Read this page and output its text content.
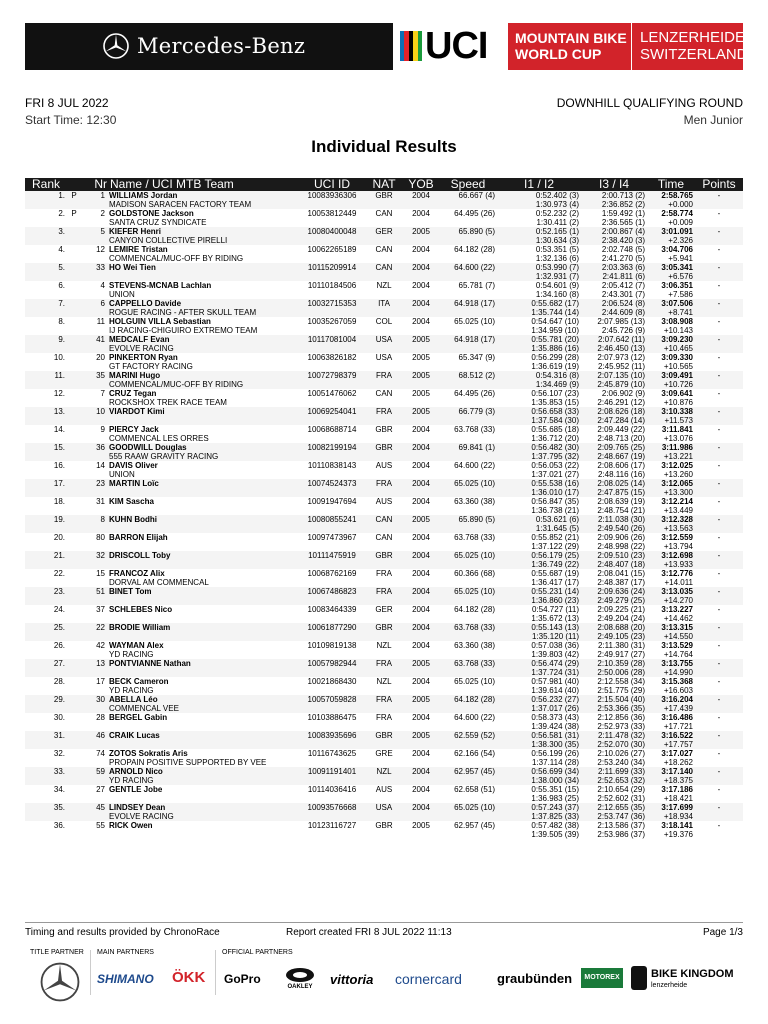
Mercedes-Benz	UCI MOUNTAIN BIKE
WORLD CUP
LENZERHEIDE
SWITZERLAND
FRI 8 JUL 2022
Start Time: 12:30
DOWNHILL QUALIFYING ROUND
Men Junior
Individual Results
Rank		Nr	Name / UCI MTB Team	UCI ID	NAT	YOB	Speed	I1 / I2	I3 / I4	Time	Points
1.	P	1	WILLIAMS Jordan	10083936306	GBR	2004	66.667 (4)	0:52.402 (3)	2:00.713 (2)	2:58.765	-
			MADISON SARACEN FACTORY TEAM					1:30.973 (4)	2:36.852 (2)	+0.000	
2.	P	2	GOLDSTONE Jackson	10053812449	CAN	2004	64.495 (26)	0:52.232 (2)	1:59.492 (1)	2:58.774	-
			SANTA CRUZ SYNDICATE					1:30.411 (2)	2:36.565 (1)	+0.009	
3.		5	KIEFER Henri	10080400048	GER	2005	65.890 (5)	0:52.165 (1)	2:00.867 (4)	3:01.091	-
			CANYON COLLECTIVE PIRELLI					1:30.634 (3)	2:38.420 (3)	+2.326	
4.		12	LEMIRE Tristan	10062265189	CAN	2004	64.182 (28)	0:53.351 (5)	2:02.748 (5)	3:04.706	-
			COMMENCAL/MUC-OFF BY RIDING					1:32.136 (6)	2:41.270 (5)	+5.941	
5.		33	HO Wei Tien	10115209914	CAN	2004	64.600 (22)	0:53.990 (7)	2:03.363 (6)	3:05.341	-
								1:32.931 (7)	2:41.811 (6)	+6.576	
6.		4	STEVENS-MCNAB Lachlan	10110184506	NZL	2004	65.781 (7)	0:54.601 (9)	2:05.412 (7)	3:06.351	-
			UNION					1:34.160 (8)	2:43.301 (7)	+7.586	
7.		6	CAPPELLO Davide	10032715353	ITA	2004	64.918 (17)	0:55.682 (17)	2:06.524 (8)	3:07.506	-
			ROGUE RACING - AFTER SKULL TEAM					1:35.744 (14)	2:44.609 (8)	+8.741	
8.		11	HOLGUIN VILLA Sebastian	10035267059	COL	2004	65.025 (10)	0:54.647 (10)	2:07.985 (13)	3:08.908	-
			IJ RACING-CHIGUIRO EXTREMO TEAM					1:34.959 (10)	2:45.726 (9)	+10.143	
9.		41	MEDCALF Evan	10117081004	USA	2005	64.918 (17)	0:55.781 (20)	2:07.642 (11)	3:09.230	-
			EVOLVE RACING					1:35.886 (16)	2:46.450 (13)	+10.465	
10.		20	PINKERTON Ryan	10063826182	USA	2005	65.347 (9)	0:56.299 (28)	2:07.973 (12)	3:09.330	-
			GT FACTORY RACING					1:36.619 (19)	2:45.952 (11)	+10.565	
11.		35	MARINI Hugo	10072798379	FRA	2005	68.512 (2)	0:54.316 (8)	2:07.135 (10)	3:09.491	-
			COMMENCAL/MUC-OFF BY RIDING					1:34.469 (9)	2:45.879 (10)	+10.726	
12.		7	CRUZ Tegan	10051476062	CAN	2005	64.495 (26)	0:56.107 (23)	2:06.902 (9)	3:09.641	-
			ROCKSHOX TREK RACE TEAM					1:35.853 (15)	2:46.291 (12)	+10.876	
13.		10	VIARDOT Kimi	10069254041	FRA	2005	66.779 (3)	0:56.658 (33)	2:08.626 (18)	3:10.338	-
								1:37.584 (30)	2:47.284 (14)	+11.573	
14.		9	PIERCY Jack	10068688714	GBR	2004	63.768 (33)	0:55.685 (18)	2:09.449 (22)	3:11.841	-
			COMMENCAL LES ORRES					1:36.712 (20)	2:48.713 (20)	+13.076	
15.		36	GOODWILL Douglas	10082199194	GBR	2004	69.841 (1)	0:56.482 (30)	2:09.765 (25)	3:11.986	-
			555 RAAW GRAVITY RACING					1:37.795 (32)	2:48.667 (19)	+13.221	
16.		14	DAVIS Oliver	10110838143	AUS	2004	64.600 (22)	0:56.053 (22)	2:08.606 (17)	3:12.025	-
			UNION					1:37.021 (27)	2:48.116 (16)	+13.260	
17.		23	MARTIN Loïc	10074524373	FRA	2004	65.025 (10)	0:55.538 (16)	2:08.025 (14)	3:12.065	-
								1:36.010 (17)	2:47.875 (15)	+13.300	
18.		31	KIM Sascha	10091947694	AUS	2004	63.360 (38)	0:56.847 (35)	2:08.639 (19)	3:12.214	-
								1:36.738 (21)	2:48.754 (21)	+13.449	
19.		8	KUHN Bodhi	10080855241	CAN	2005	65.890 (5)	0:53.621 (6)	2:11.038 (30)	3:12.328	-
								1:31.645 (5)	2:49.540 (26)	+13.563	
20.		80	BARRON Elijah	10097473967	CAN	2004	63.768 (33)	0:55.852 (21)	2:09.906 (26)	3:12.559	-
								1:37.122 (29)	2:48.998 (22)	+13.794	
21.		32	DRISCOLL Toby	10111475919	GBR	2004	65.025 (10)	0:56.179 (25)	2:09.510 (23)	3:12.698	-
								1:36.749 (22)	2:48.407 (18)	+13.933	
22.		15	FRANCOZ Alix	10068762169	FRA	2004	60.366 (68)	0:55.687 (19)	2:08.041 (15)	3:12.776	-
			DORVAL AM COMMENCAL					1:36.417 (17)	2:48.387 (17)	+14.011	
23.		51	BINET Tom	10067486823	FRA	2004	65.025 (10)	0:55.231 (14)	2:09.636 (24)	3:13.035	-
								1:36.860 (23)	2:49.279 (25)	+14.270	
24.		37	SCHLEBES Nico	10083464339	GER	2004	64.182 (28)	0:54.727 (11)	2:09.225 (21)	3:13.227	-
								1:35.672 (13)	2:49.204 (24)	+14.462	
25.		22	BRODIE William	10061877290	GBR	2004	63.768 (33)	0:55.143 (13)	2:08.688 (20)	3:13.315	-
								1:35.120 (11)	2:49.105 (23)	+14.550	
26.		42	WAYMAN Alex	10109819138	NZL	2004	63.360 (38)	0:57.038 (36)	2:11.380 (31)	3:13.529	-
			YD RACING					1:39.803 (42)	2:49.917 (27)	+14.764	
27.		13	PONTVIANNE Nathan	10057982944	FRA	2005	63.768 (33)	0:56.474 (29)	2:10.359 (28)	3:13.755	-
								1:37.724 (31)	2:50.006 (28)	+14.990	
28.		17	BECK Cameron	10021868430	NZL	2004	65.025 (10)	0:57.981 (40)	2:12.558 (34)	3:15.368	-
			YD RACING					1:39.614 (40)	2:51.775 (29)	+16.603	
29.		30	ABELLA Léo	10057059828	FRA	2005	64.182 (28)	0:56.232 (27)	2:15.504 (40)	3:16.204	-
			COMMENCAL VEE					1:37.017 (26)	2:53.366 (35)	+17.439	
30.		28	BERGEL Gabin	10103886475	FRA	2004	64.600 (22)	0:58.373 (43)	2:12.856 (36)	3:16.486	-
								1:39.424 (38)	2:52.973 (33)	+17.721	
31.		46	CRAIK Lucas	10083935696	GBR	2005	62.559 (52)	0:56.581 (31)	2:11.478 (32)	3:16.522	-
								1:38.300 (35)	2:52.070 (30)	+17.757	
32.		74	ZOTOS Sokratis Aris	10116743625	GRE	2004	62.166 (54)	0:56.199 (26)	2:10.026 (27)	3:17.027	-
			PROPAIN POSITIVE SUPPORTED BY VEE					1:37.114 (28)	2:53.240 (34)	+18.262	
33.		59	ARNOLD Nico	10091191401	NZL	2004	62.957 (45)	0:56.699 (34)	2:11.699 (33)	3:17.140	-
			YD RACING					1:38.000 (34)	2:52.653 (32)	+18.375	
34.		27	GENTLE Jobe	10114036416	AUS	2004	62.658 (51)	0:55.351 (15)	2:10.654 (29)	3:17.186	-
								1:36.983 (25)	2:52.602 (31)	+18.421	
35.		45	LINDSEY Dean	10093576668	USA	2004	65.025 (10)	0:57.243 (37)	2:12.655 (35)	3:17.699	-
			EVOLVE RACING					1:37.825 (33)	2:53.747 (36)	+18.934	
36.		55	RICK Owen	10123116727	GBR	2005	62.957 (45)	0:57.482 (38)	2:13.586 (37)	3:18.141	-
								1:39.505 (39)	2:53.986 (37)	+19.376	
Timing and results provided by ChronoRace	Report created FRI 8 JUL 2022 11:13	Page 1/3
TITLE PARTNER MAIN PARTNERS	OFFICIAL PARTNERS
SHIMANO ÖKK GoPro
OAKLEY vittoria cornercard	graubünden	MOTOREX	BIKE KINGDOM
lenzerheide
